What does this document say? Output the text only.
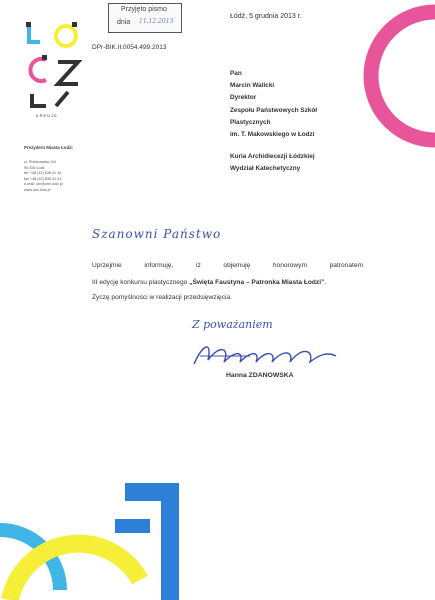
KREUJE
Przyjęto pismo
dnia 11.12.2013
Łódź, 5 grudnia 2013 r.
DPr-BIK.II.0054.499.2013
Pan
Marcin Walicki
Dyrektor
Zespołu Państwowych Szkół
Plastycznych
im. T. Makowskiego w Łodzi
Kuria Archidiecezji Łódzkiej
Wydział Katechetyczny
Prezydent Miasta Łodzi
ul. Piotrkowska 104
90-926 Łódź
tel. +48 (42) 638 41 15
fax +48 (42) 638 41 24
e-mail: um@uml.lodz.pl
www.uml.lodz.pl
Szanowni Państwo
Uprzejmie informuję, iż objemuję honorowym patronatem
III edycję konkursu plastycznego „Święta Faustyna – Patronka Miasta Łodzi”.
Życzę pomyślności w realizacji przedsięwzięcia.
Z poważaniem
Hanna ZDANOWSKA
